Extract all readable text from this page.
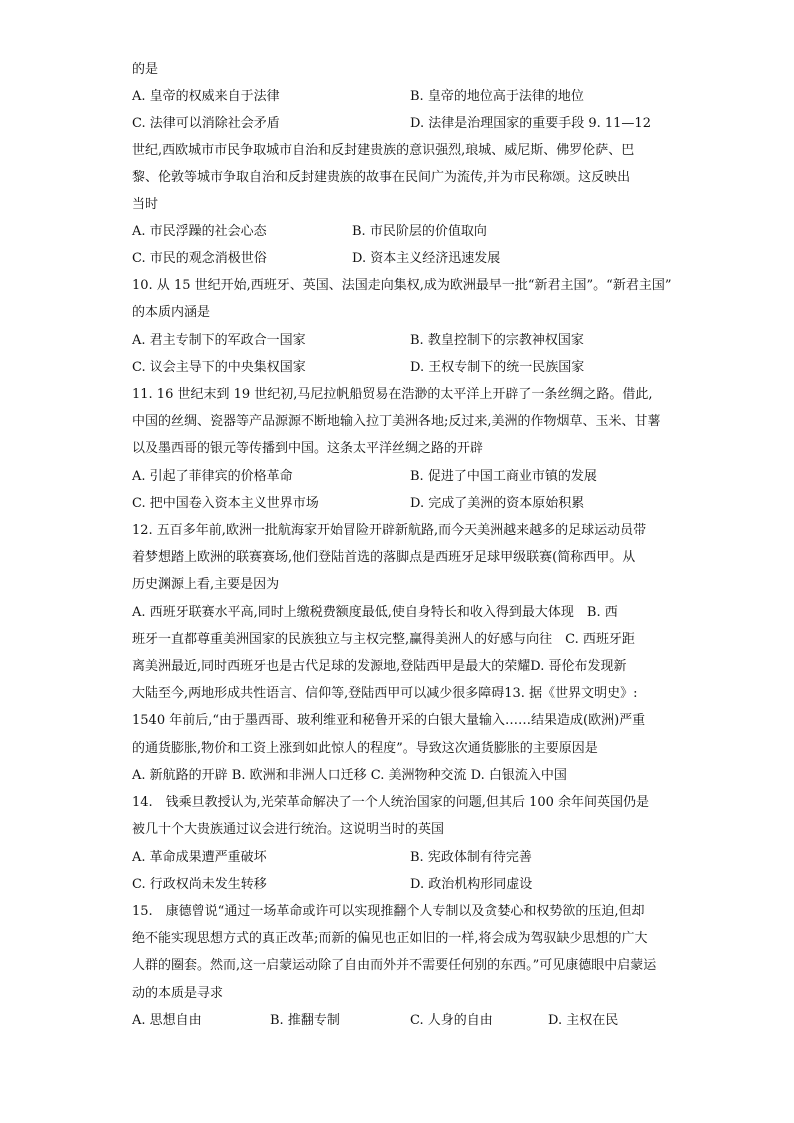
的是
A. 皇帝的权威来自于法律	B. 皇帝的地位高于法律的地位
C. 法律可以消除社会矛盾	D. 法律是治理国家的重要手段 9. 11—12
世纪,西欧城市市民争取城市自治和反封建贵族的意识强烈,琅城、威尼斯、佛罗伦萨、巴
黎、伦敦等城市争取自治和反封建贵族的故事在民间广为流传,并为市民称颂。这反映出
当时
A. 市民浮躁的社会心态	B. 市民阶层的价值取向
C. 市民的观念消极世俗	D. 资本主义经济迅速发展
10. 从 15 世纪开始,西班牙、英国、法国走向集权,成为欧洲最早一批“新君主国”。“新君主国”
的本质内涵是
A. 君主专制下的军政合一国家	B. 教皇控制下的宗教神权国家
C. 议会主导下的中央集权国家	D. 王权专制下的统一民族国家
11. 16 世纪末到 19 世纪初,马尼拉帆船贸易在浩渺的太平洋上开辟了一条丝绸之路。借此,
中国的丝绸、瓷器等产品源源不断地输入拉丁美洲各地;反过来,美洲的作物烟草、玉米、甘薯
以及墨西哥的银元等传播到中国。这条太平洋丝绸之路的开辟
A. 引起了菲律宾的价格革命	B. 促进了中国工商业市镇的发展
C. 把中国卷入资本主义世界市场	D. 完成了美洲的资本原始积累
12. 五百多年前,欧洲一批航海家开始冒险开辟新航路,而今天美洲越来越多的足球运动员带
着梦想踏上欧洲的联赛赛场,他们登陆首选的落脚点是西班牙足球甲级联赛(简称西甲。从
历史渊源上看,主要是因为
A. 西班牙联赛水平高,同时上缴税费额度最低,使自身特长和收入得到最大体现　B. 西
班牙一直都尊重美洲国家的民族独立与主权完整,赢得美洲人的好感与向往　C. 西班牙距
离美洲最近,同时西班牙也是古代足球的发源地,登陆西甲是最大的荣耀D. 哥伦布发现新
大陆至今,两地形成共性语言、信仰等,登陆西甲可以减少很多障碍13. 据《世界文明史》:
1540 年前后,“由于墨西哥、玻利维亚和秘鲁开采的白银大量输入……结果造成(欧洲)严重
的通货膨胀,物价和工资上涨到如此惊人的程度”。导致这次通货膨胀的主要原因是
A. 新航路的开辟 B. 欧洲和非洲人口迁移 C. 美洲物种交流 D. 白银流入中国
14.　钱乘旦教授认为,光荣革命解决了一个人统治国家的问题,但其后 100 余年间英国仍是
被几十个大贵族通过议会进行统治。这说明当时的英国
A. 革命成果遭严重破坏	B. 宪政体制有待完善
C. 行政权尚未发生转移	D. 政治机构形同虚设
15.　康德曾说“通过一场革命或许可以实现推翻个人专制以及贪婪心和权势欲的压迫,但却
绝不能实现思想方式的真正改革;而新的偏见也正如旧的一样,将会成为驾驭缺少思想的广大
人群的圈套。然而,这一启蒙运动除了自由而外并不需要任何别的东西。”可见康德眼中启蒙运
动的本质是寻求
A. 思想自由	B. 推翻专制	C. 人身的自由	D. 主权在民
